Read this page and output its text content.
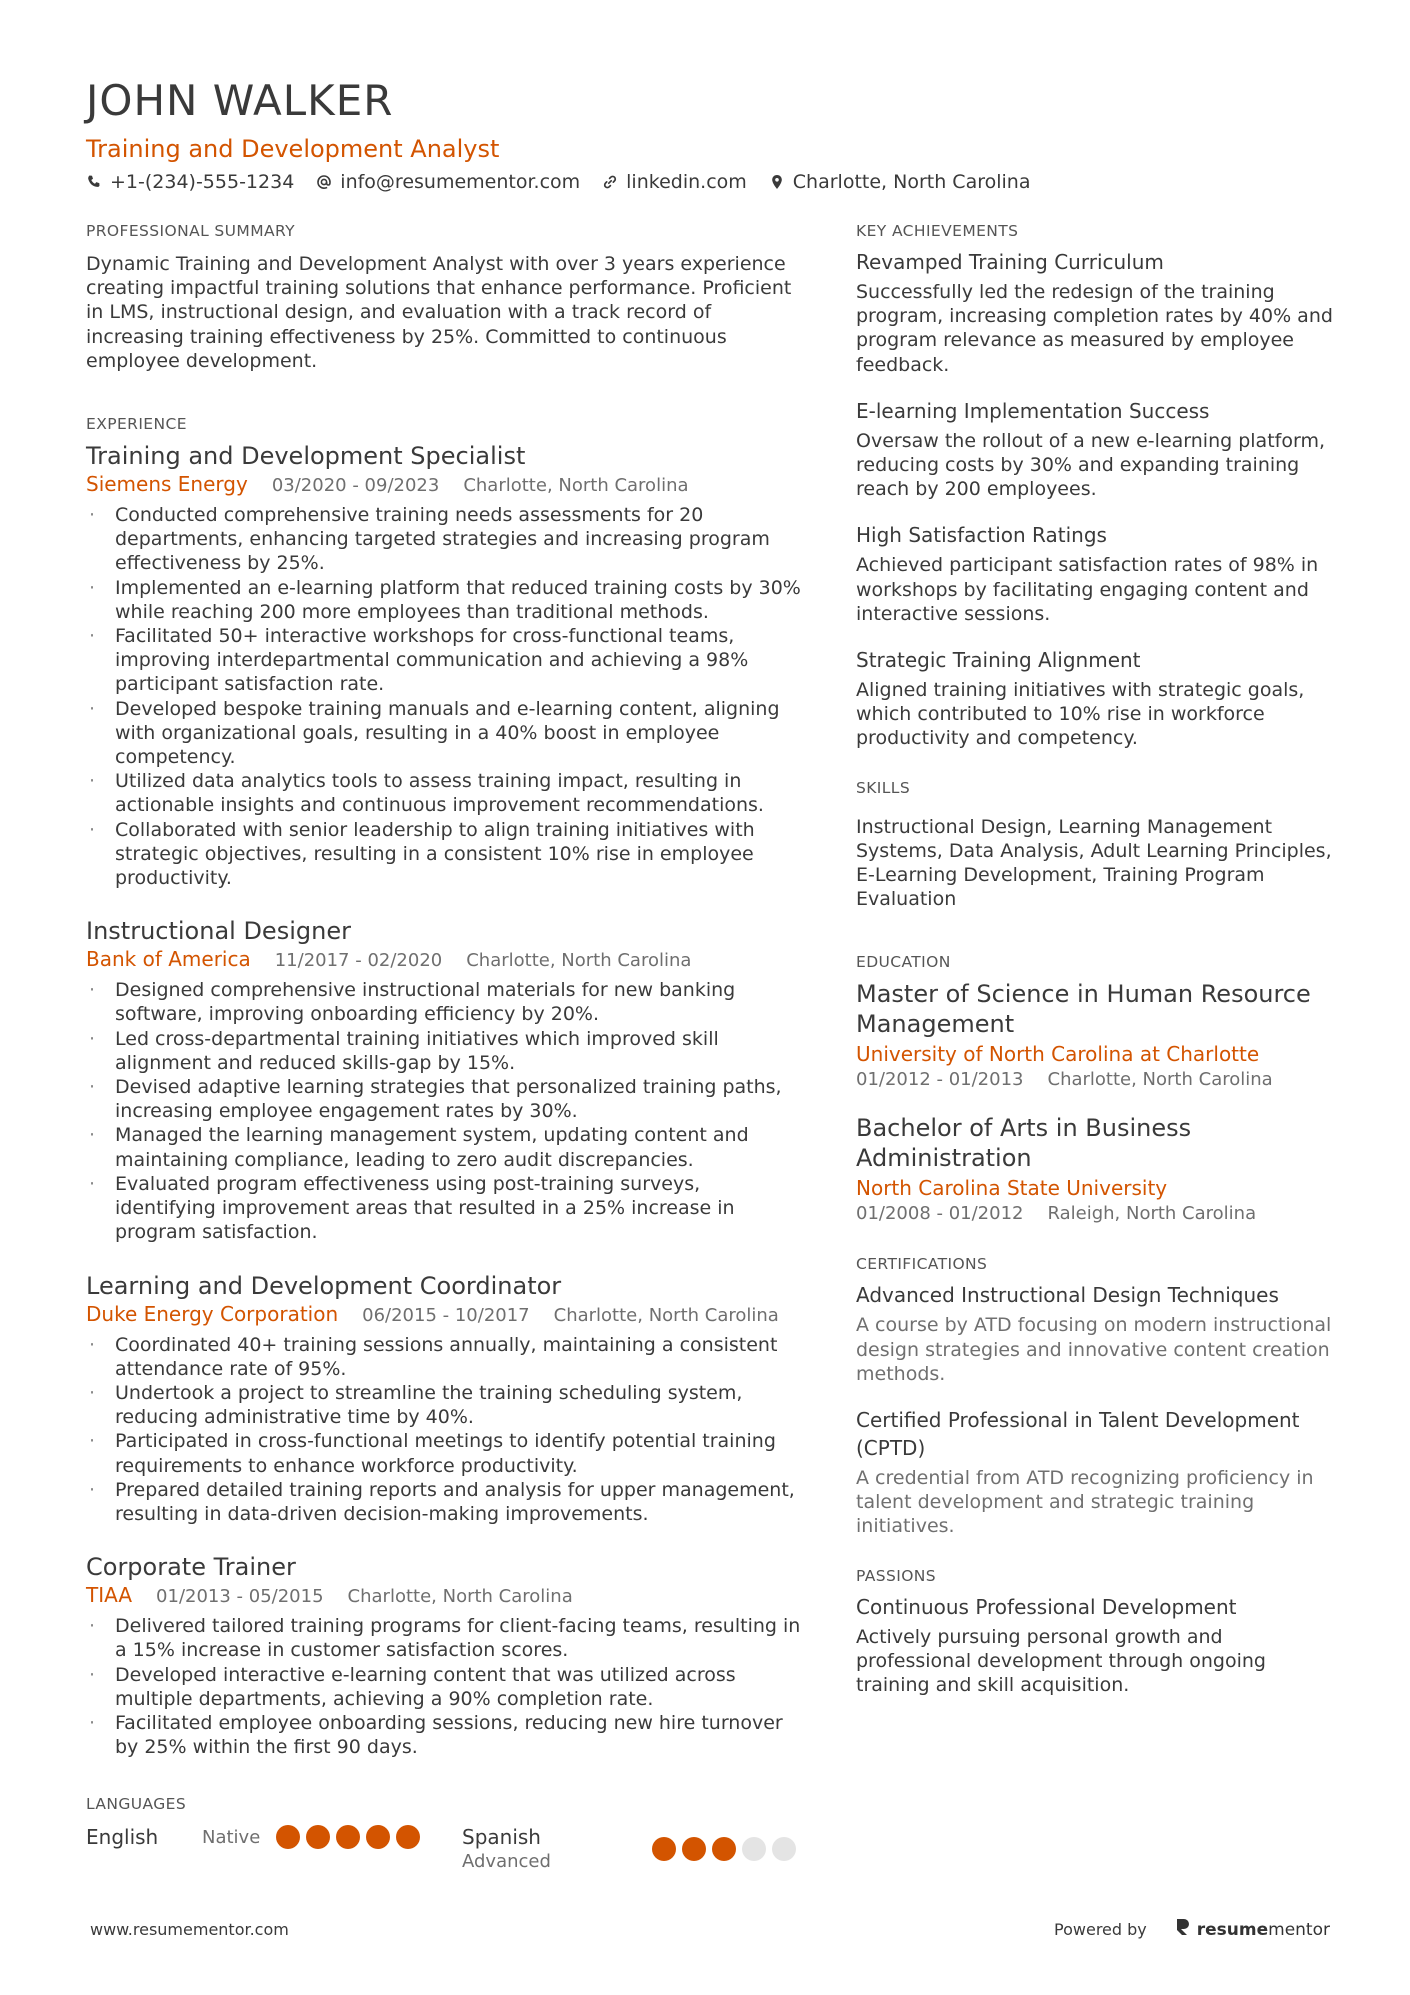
JOHN WALKER
Training and Development Analyst
+1-(234)-555-1234 info@resumementor.com linkedin.com Charlotte, North Carolina
PROFESSIONAL SUMMARY

Dynamic Training and Development Analyst with over 3 years experience creating impactful training solutions that enhance performance. Proficient in LMS, instructional design, and evaluation with a track record of increasing training effectiveness by 25%. Committed to continuous employee development.

EXPERIENCE
Training and Development Specialist
Siemens Energy 03/2020 - 09/2023 Charlotte, North Carolina
· Conducted comprehensive training needs assessments for 20 departments, enhancing targeted strategies and increasing program effectiveness by 25%.
· Implemented an e-learning platform that reduced training costs by 30% while reaching 200 more employees than traditional methods.
· Facilitated 50+ interactive workshops for cross-functional teams, improving interdepartmental communication and achieving a 98% participant satisfaction rate.
· Developed bespoke training manuals and e-learning content, aligning with organizational goals, resulting in a 40% boost in employee competency.
· Utilized data analytics tools to assess training impact, resulting in actionable insights and continuous improvement recommendations.
· Collaborated with senior leadership to align training initiatives with strategic objectives, resulting in a consistent 10% rise in employee productivity.
Instructional Designer
Bank of America 11/2017 - 02/2020 Charlotte, North Carolina
· Designed comprehensive instructional materials for new banking software, improving onboarding efficiency by 20%.
· Led cross-departmental training initiatives which improved skill alignment and reduced skills-gap by 15%.
· Devised adaptive learning strategies that personalized training paths, increasing employee engagement rates by 30%.
· Managed the learning management system, updating content and maintaining compliance, leading to zero audit discrepancies.
· Evaluated program effectiveness using post-training surveys, identifying improvement areas that resulted in a 25% increase in program satisfaction.
Learning and Development Coordinator
Duke Energy Corporation 06/2015 - 10/2017 Charlotte, North Carolina
· Coordinated 40+ training sessions annually, maintaining a consistent attendance rate of 95%.
· Undertook a project to streamline the training scheduling system, reducing administrative time by 40%.
· Participated in cross-functional meetings to identify potential training requirements to enhance workforce productivity.
· Prepared detailed training reports and analysis for upper management, resulting in data-driven decision-making improvements.
Corporate Trainer
TIAA 01/2013 - 05/2015 Charlotte, North Carolina
· Delivered tailored training programs for client-facing teams, resulting in a 15% increase in customer satisfaction scores.
· Developed interactive e-learning content that was utilized across multiple departments, achieving a 90% completion rate.
· Facilitated employee onboarding sessions, reducing new hire turnover by 25% within the first 90 days.
LANGUAGES
English	Native	Spanish
Advanced
KEY ACHIEVEMENTS
Revamped Training Curriculum

Successfully led the redesign of the training program, increasing completion rates by 40% and program relevance as measured by employee feedback.

E-learning Implementation Success

Oversaw the rollout of a new e-learning platform, reducing costs by 30% and expanding training reach by 200 employees.

High Satisfaction Ratings

Achieved participant satisfaction rates of 98% in workshops by facilitating engaging content and interactive sessions.

Strategic Training Alignment

Aligned training initiatives with strategic goals, which contributed to 10% rise in workforce productivity and competency.

SKILLS

Instructional Design, Learning Management Systems, Data Analysis, Adult Learning Principles, E-Learning Development, Training Program Evaluation

EDUCATION
Master of Science in Human Resource Management
University of North Carolina at Charlotte
01/2012 - 01/2013 Charlotte, North Carolina
Bachelor of Arts in Business Administration
North Carolina State University
01/2008 - 01/2012 Raleigh, North Carolina
CERTIFICATIONS
Advanced Instructional Design Techniques

A course by ATD focusing on modern instructional design strategies and innovative content creation methods.

Certified Professional in Talent Development (CPTD)

A credential from ATD recognizing proficiency in talent development and strategic training initiatives.

PASSIONS
Continuous Professional Development

Actively pursuing personal growth and professional development through ongoing training and skill acquisition.

www.resumementor.com	Powered by	resumementor
